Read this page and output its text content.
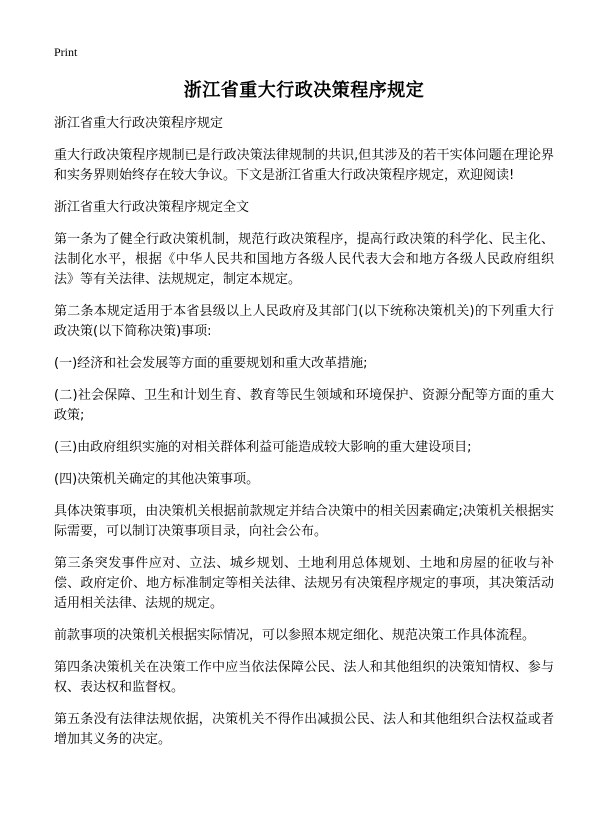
Print
浙江省重大行政决策程序规定

浙江省重大行政决策程序规定

重大行政决策程序规制已是行政决策法律规制的共识,但其涉及的若干实体问题在理论界和实务界则始终存在较大争议。下文是浙江省重大行政决策程序规定，欢迎阅读!

浙江省重大行政决策程序规定全文

第一条为了健全行政决策机制，规范行政决策程序，提高行政决策的科学化、民主化、法制化水平，根据《中华人民共和国地方各级人民代表大会和地方各级人民政府组织法》等有关法律、法规规定，制定本规定。

第二条本规定适用于本省县级以上人民政府及其部门(以下统称决策机关)的下列重大行政决策(以下简称决策)事项:

(一)经济和社会发展等方面的重要规划和重大改革措施;

(二)社会保障、卫生和计划生育、教育等民生领域和环境保护、资源分配等方面的重大政策;

(三)由政府组织实施的对相关群体利益可能造成较大影响的重大建设项目;

(四)决策机关确定的其他决策事项。

具体决策事项，由决策机关根据前款规定并结合决策中的相关因素确定;决策机关根据实际需要，可以制订决策事项目录，向社会公布。

第三条突发事件应对、立法、城乡规划、土地利用总体规划、土地和房屋的征收与补偿、政府定价、地方标准制定等相关法律、法规另有决策程序规定的事项，其决策活动适用相关法律、法规的规定。

前款事项的决策机关根据实际情况，可以参照本规定细化、规范决策工作具体流程。

第四条决策机关在决策工作中应当依法保障公民、法人和其他组织的决策知情权、参与权、表达权和监督权。

第五条没有法律法规依据，决策机关不得作出减损公民、法人和其他组织合法权益或者增加其义务的决定。
